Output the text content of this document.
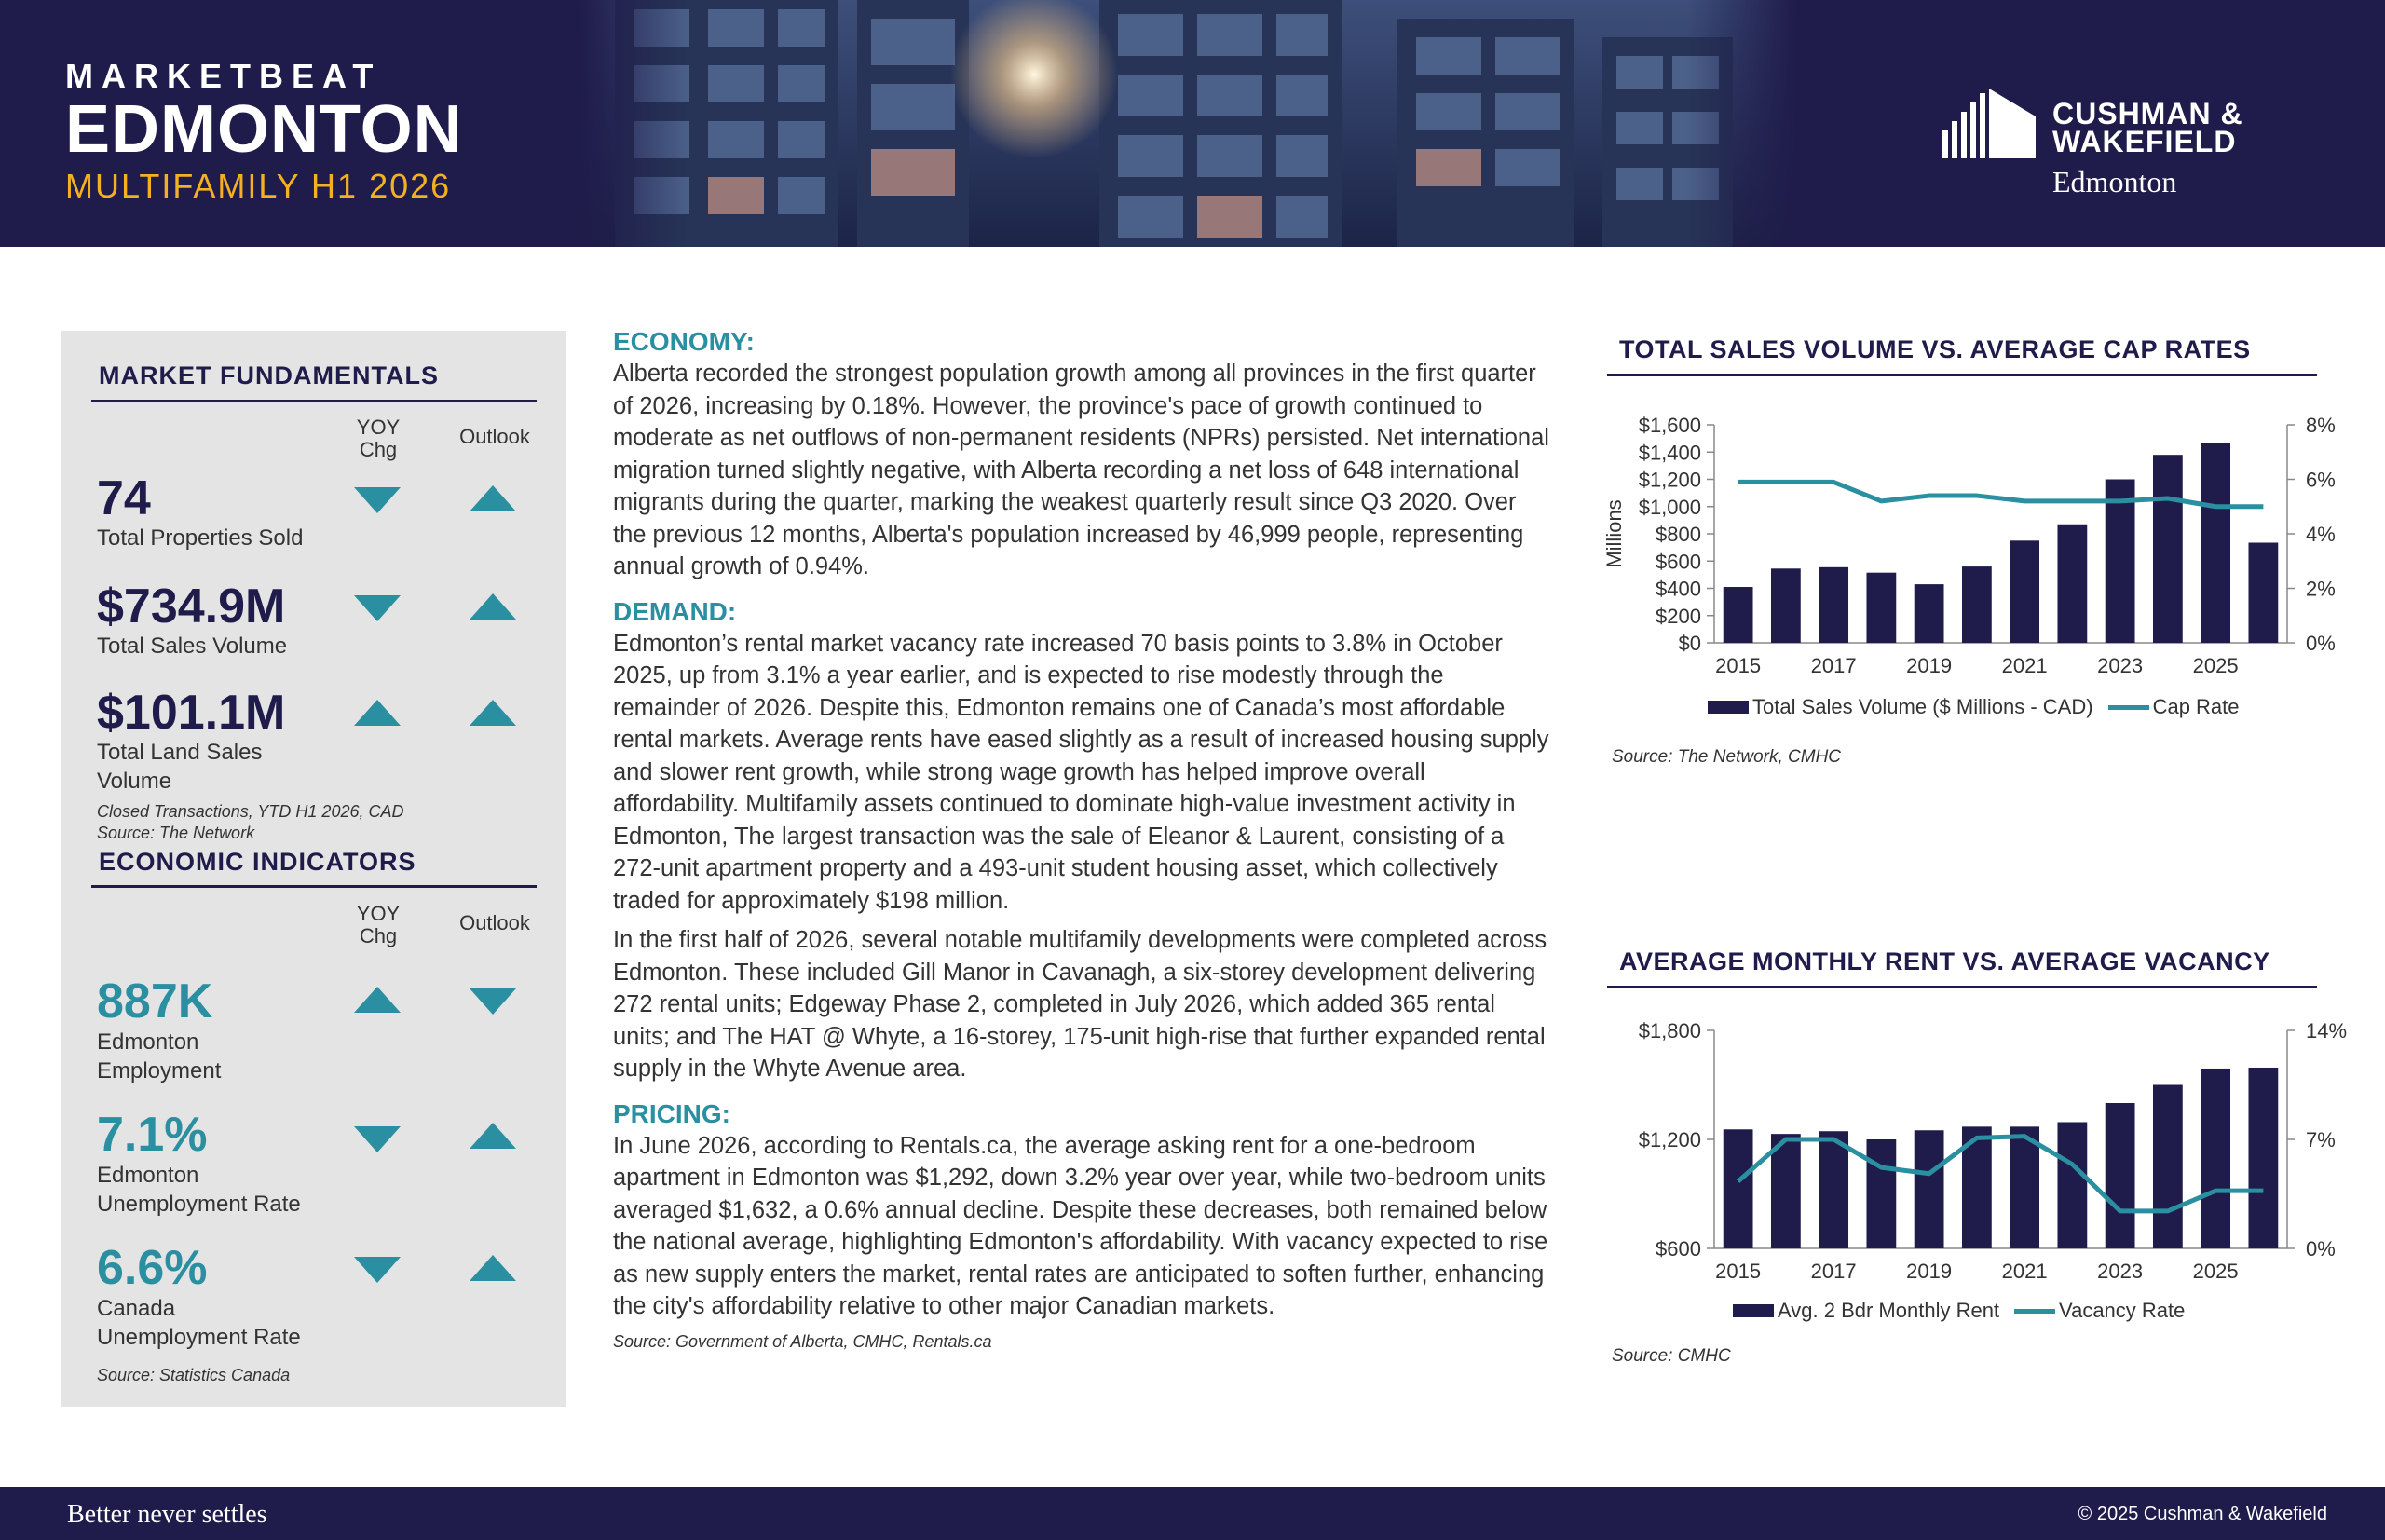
MARKETBEAT
EDMONTON
MULTIFAMILY H1 2026
CUSHMAN &
WAKEFIELD
Edmonton
MARKET FUNDAMENTALS
YOY
Chg
Outlook
74
Total Properties Sold
$734.9M
Total Sales Volume
$101.1M
Total Land Sales
Volume
Closed Transactions, YTD H1 2026, CAD
Source: The Network
ECONOMIC INDICATORS
YOY
Chg
Outlook
887K
Edmonton
Employment
7.1%
Edmonton
Unemployment Rate
6.6%
Canada
Unemployment Rate
Source: Statistics Canada
ECONOMY:
Alberta recorded the strongest population growth among all provinces in the first quarter of 2026, increasing by 0.18%. However, the province's pace of growth continued to moderate as net outflows of non-permanent residents (NPRs) persisted. Net international migration turned slightly negative, with Alberta recording a net loss of 648 international migrants during the quarter, marking the weakest quarterly result since Q3 2020. Over the previous 12 months, Alberta's population increased by 46,999 people, representing annual growth of 0.94%.
DEMAND:
Edmonton’s rental market vacancy rate increased 70 basis points to 3.8% in October 2025, up from 3.1% a year earlier, and is expected to rise modestly through the remainder of 2026. Despite this, Edmonton remains one of Canada’s most affordable rental markets. Average rents have eased slightly as a result of increased housing supply and slower rent growth, while strong wage growth has helped improve overall affordability. Multifamily assets continued to dominate high-value investment activity in Edmonton, The largest transaction was the sale of Eleanor & Laurent, consisting of a 272-unit apartment property and a 493-unit student housing asset, which collectively traded for approximately $198 million.
In the first half of 2026, several notable multifamily developments were completed across Edmonton. These included Gill Manor in Cavanagh, a six-storey development delivering 272 rental units; Edgeway Phase 2, completed in July 2026, which added 365 rental units; and The HAT @ Whyte, a 16-storey, 175-unit high-rise that further expanded rental supply in the Whyte Avenue area.
PRICING:
In June 2026, according to Rentals.ca, the average asking rent for a one-bedroom apartment in Edmonton was $1,292, down 3.2% year over year, while two-bedroom units averaged $1,632, a 0.6% annual decline. Despite these decreases, both remained below the national average, highlighting Edmonton's affordability. With vacancy expected to rise as new supply enters the market, rental rates are anticipated to soften further, enhancing the city's affordability relative to other major Canadian markets.
Source: Government of Alberta, CMHC, Rentals.ca
TOTAL SALES VOLUME VS. AVERAGE CAP RATES
$0
$200
$400
$600
$800
$1,000
$1,200
$1,400
$1,600
0%
2%
4%
6%
8%
2015 2017 2019 2021 2023 2025
Millions
Total Sales Volume ($ Millions - CAD)	Cap Rate
Source: The Network, CMHC
AVERAGE MONTHLY RENT VS. AVERAGE VACANCY
$600
$1,200
$1,800
0%
7%
14%
2015 2017 2019 2021 2023 2025
Avg. 2 Bdr Monthly Rent	Vacancy Rate
Source: CMHC
Better never settles	© 2025 Cushman & Wakefield
